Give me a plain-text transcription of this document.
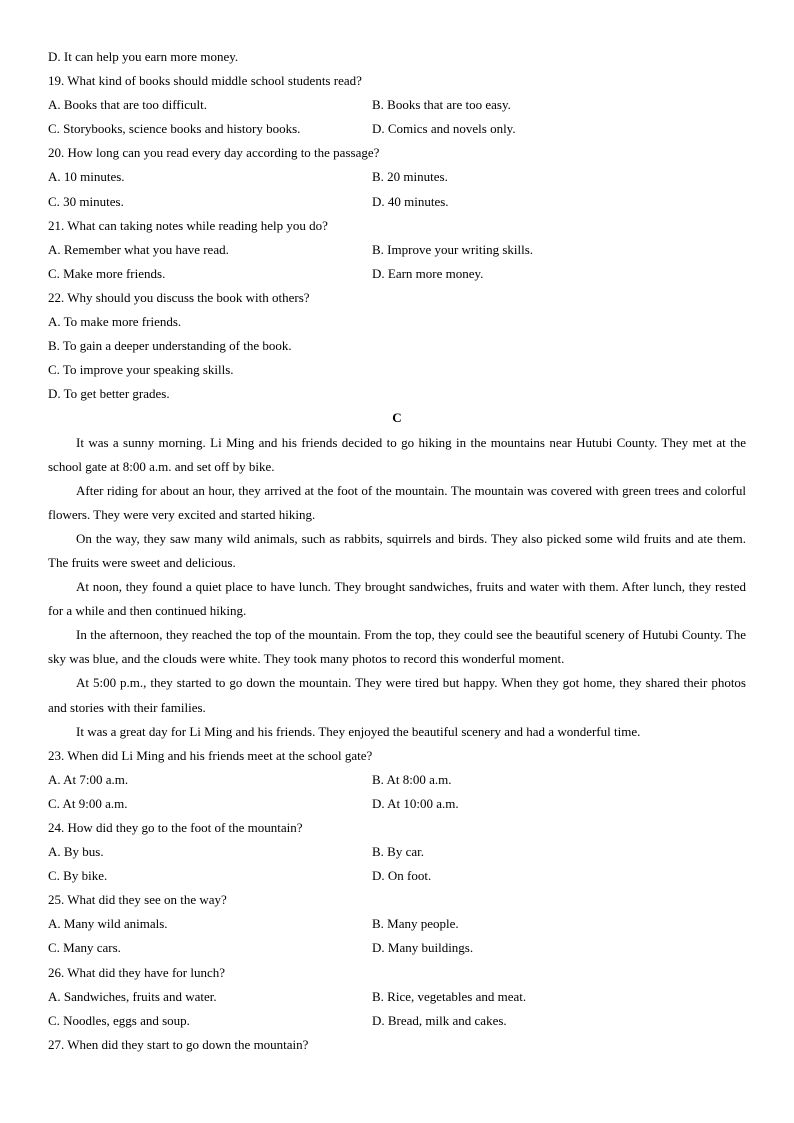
D. It can help you earn more money.
19. What kind of books should middle school students read?
A. Books that are too difficult.	B. Books that are too easy.
C. Storybooks, science books and history books.	D. Comics and novels only.
20. How long can you read every day according to the passage?
A. 10 minutes.	B. 20 minutes.
C. 30 minutes.	D. 40 minutes.
21. What can taking notes while reading help you do?
A. Remember what you have read.	B. Improve your writing skills.
C. Make more friends.	D. Earn more money.
22. Why should you discuss the book with others?
A. To make more friends.
B. To gain a deeper understanding of the book.
C. To improve your speaking skills.
D. To get better grades.
C
It was a sunny morning. Li Ming and his friends decided to go hiking in the mountains near Hutubi County. They met at the school gate at 8:00 a.m. and set off by bike.
After riding for about an hour, they arrived at the foot of the mountain. The mountain was covered with green trees and colorful flowers. They were very excited and started hiking.
On the way, they saw many wild animals, such as rabbits, squirrels and birds. They also picked some wild fruits and ate them. The fruits were sweet and delicious.
At noon, they found a quiet place to have lunch. They brought sandwiches, fruits and water with them. After lunch, they rested for a while and then continued hiking.
In the afternoon, they reached the top of the mountain. From the top, they could see the beautiful scenery of Hutubi County. The sky was blue, and the clouds were white. They took many photos to record this wonderful moment.
At 5:00 p.m., they started to go down the mountain. They were tired but happy. When they got home, they shared their photos and stories with their families.
It was a great day for Li Ming and his friends. They enjoyed the beautiful scenery and had a wonderful time.
23. When did Li Ming and his friends meet at the school gate?
A. At 7:00 a.m.	B. At 8:00 a.m.
C. At 9:00 a.m.	D. At 10:00 a.m.
24. How did they go to the foot of the mountain?
A. By bus.	B. By car.
C. By bike.	D. On foot.
25. What did they see on the way?
A. Many wild animals.	B. Many people.
C. Many cars.	D. Many buildings.
26. What did they have for lunch?
A. Sandwiches, fruits and water.	B. Rice, vegetables and meat.
C. Noodles, eggs and soup.	D. Bread, milk and cakes.
27. When did they start to go down the mountain?
